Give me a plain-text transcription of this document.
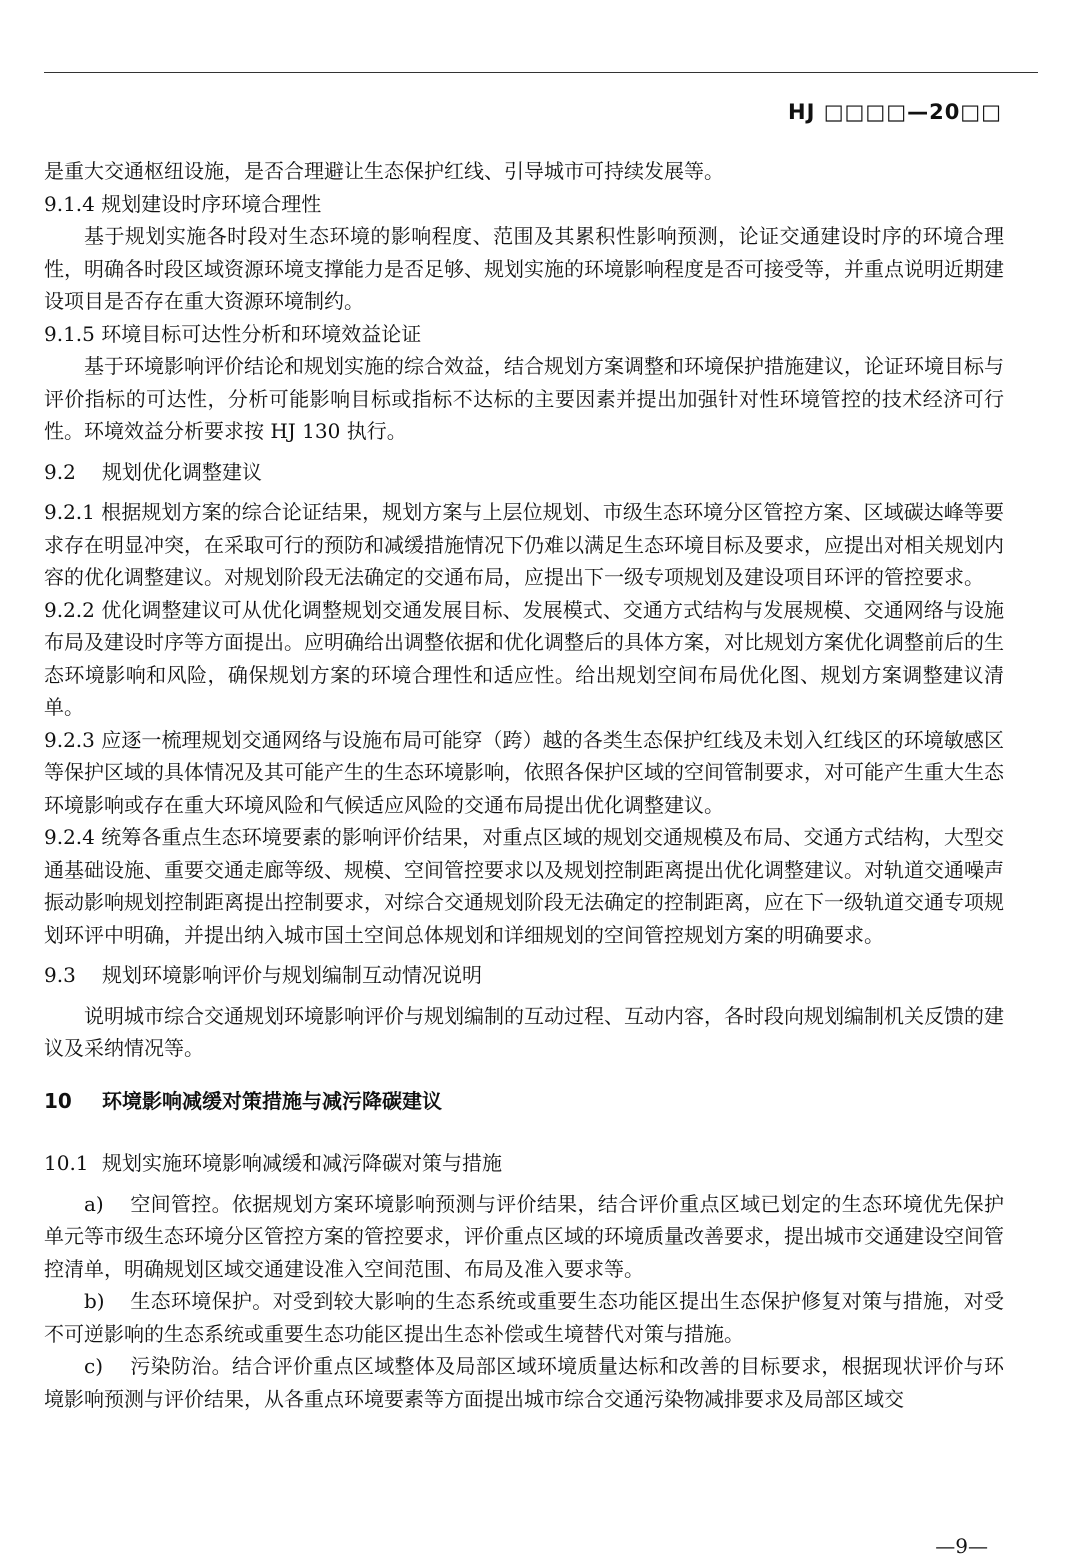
HJ □□□□—20□□

是重大交通枢纽设施，是否合理避让生态保护红线、引导城市可持续发展等。

9.1.4 规划建设时序环境合理性

基于规划实施各时段对生态环境的影响程度、范围及其累积性影响预测，论证交通建设时序的环境合理性，明确各时段区域资源环境支撑能力是否足够、规划实施的环境影响程度是否可接受等，并重点说明近期建设项目是否存在重大资源环境制约。

9.1.5 环境目标可达性分析和环境效益论证

基于环境影响评价结论和规划实施的综合效益，结合规划方案调整和环境保护措施建议，论证环境目标与评价指标的可达性，分析可能影响目标或指标不达标的主要因素并提出加强针对性环境管控的技术经济可行性。环境效益分析要求按 HJ 130 执行。

9.2 规划优化调整建议

9.2.1 根据规划方案的综合论证结果，规划方案与上层位规划、市级生态环境分区管控方案、区域碳达峰等要求存在明显冲突，在采取可行的预防和减缓措施情况下仍难以满足生态环境目标及要求，应提出对相关规划内容的优化调整建议。对规划阶段无法确定的交通布局，应提出下一级专项规划及建设项目环评的管控要求。

9.2.2 优化调整建议可从优化调整规划交通发展目标、发展模式、交通方式结构与发展规模、交通网络与设施布局及建设时序等方面提出。应明确给出调整依据和优化调整后的具体方案，对比规划方案优化调整前后的生态环境影响和风险，确保规划方案的环境合理性和适应性。给出规划空间布局优化图、规划方案调整建议清单。

9.2.3 应逐一梳理规划交通网络与设施布局可能穿（跨）越的各类生态保护红线及未划入红线区的环境敏感区等保护区域的具体情况及其可能产生的生态环境影响，依照各保护区域的空间管制要求，对可能产生重大生态环境影响或存在重大环境风险和气候适应风险的交通布局提出优化调整建议。

9.2.4 统筹各重点生态环境要素的影响评价结果，对重点区域的规划交通规模及布局、交通方式结构，大型交通基础设施、重要交通走廊等级、规模、空间管控要求以及规划控制距离提出优化调整建议。对轨道交通噪声振动影响规划控制距离提出控制要求，对综合交通规划阶段无法确定的控制距离，应在下一级轨道交通专项规划环评中明确，并提出纳入城市国土空间总体规划和详细规划的空间管控规划方案的明确要求。

9.3 规划环境影响评价与规划编制互动情况说明

说明城市综合交通规划环境影响评价与规划编制的互动过程、互动内容，各时段向规划编制机关反馈的建议及采纳情况等。

10 环境影响减缓对策措施与减污降碳建议
10.1 规划实施环境影响减缓和减污降碳对策与措施

a) 空间管控。依据规划方案环境影响预测与评价结果，结合评价重点区域已划定的生态环境优先保护单元等市级生态环境分区管控方案的管控要求，评价重点区域的环境质量改善要求，提出城市交通建设空间管控清单，明确规划区域交通建设准入空间范围、布局及准入要求等。

b) 生态环境保护。对受到较大影响的生态系统或重要生态功能区提出生态保护修复对策与措施，对受不可逆影响的生态系统或重要生态功能区提出生态补偿或生境替代对策与措施。

c) 污染防治。结合评价重点区域整体及局部区域环境质量达标和改善的目标要求，根据现状评价与环境影响预测与评价结果，从各重点环境要素等方面提出城市综合交通污染物减排要求及局部区域交

—9—
